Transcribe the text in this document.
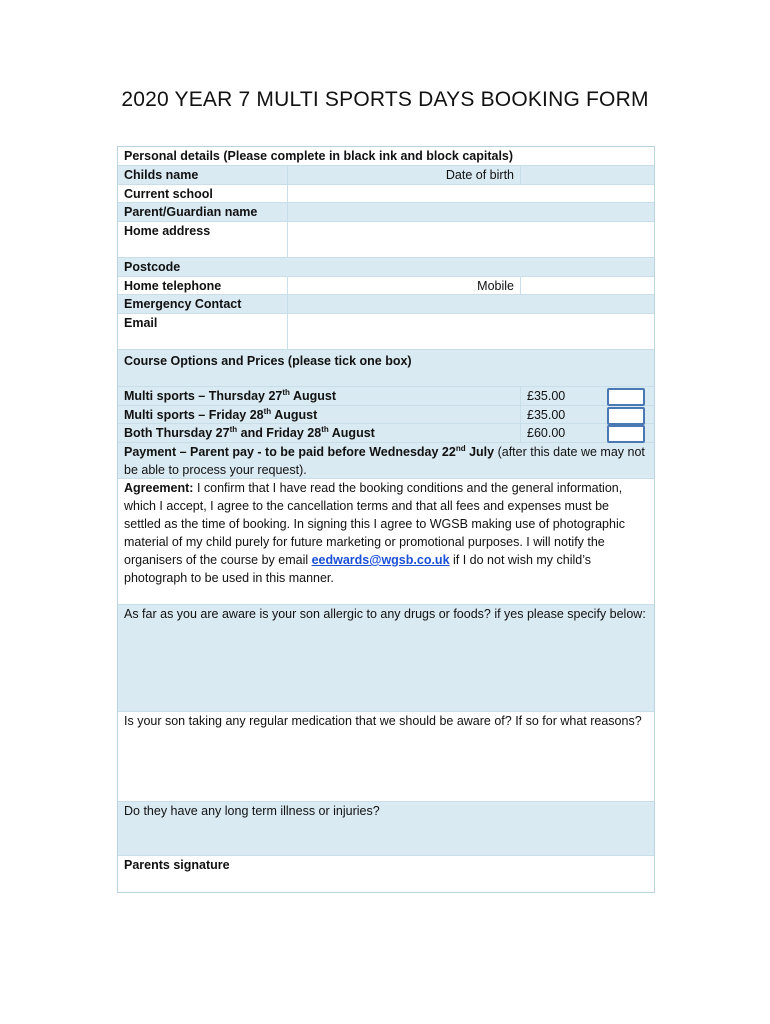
2020 YEAR 7 MULTI SPORTS DAYS BOOKING FORM
Personal details (Please complete in black ink and block capitals)
Childs name	Date of birth
Current school
Parent/Guardian name
Home address
Postcode
Home telephone	Mobile
Emergency Contact
Email
Course Options and Prices (please tick one box)
Multi sports – Thursday 27th August	£35.00
Multi sports – Friday 28th August	£35.00
Both Thursday 27th and Friday 28th August	£60.00
Payment – Parent pay - to be paid before Wednesday 22nd July (after this date we may not be able to process your request).
Agreement: I confirm that I have read the booking conditions and the general information, which I accept, I agree to the cancellation terms and that all fees and expenses must be settled as the time of booking. In signing this I agree to WGSB making use of photographic material of my child purely for future marketing or promotional purposes. I will notify the organisers of the course by email eedwards@wgsb.co.uk if I do not wish my child’s photograph to be used in this manner.
As far as you are aware is your son allergic to any drugs or foods? if yes please specify below:
Is your son taking any regular medication that we should be aware of? If so for what reasons?
Do they have any long term illness or injuries?
Parents signature
